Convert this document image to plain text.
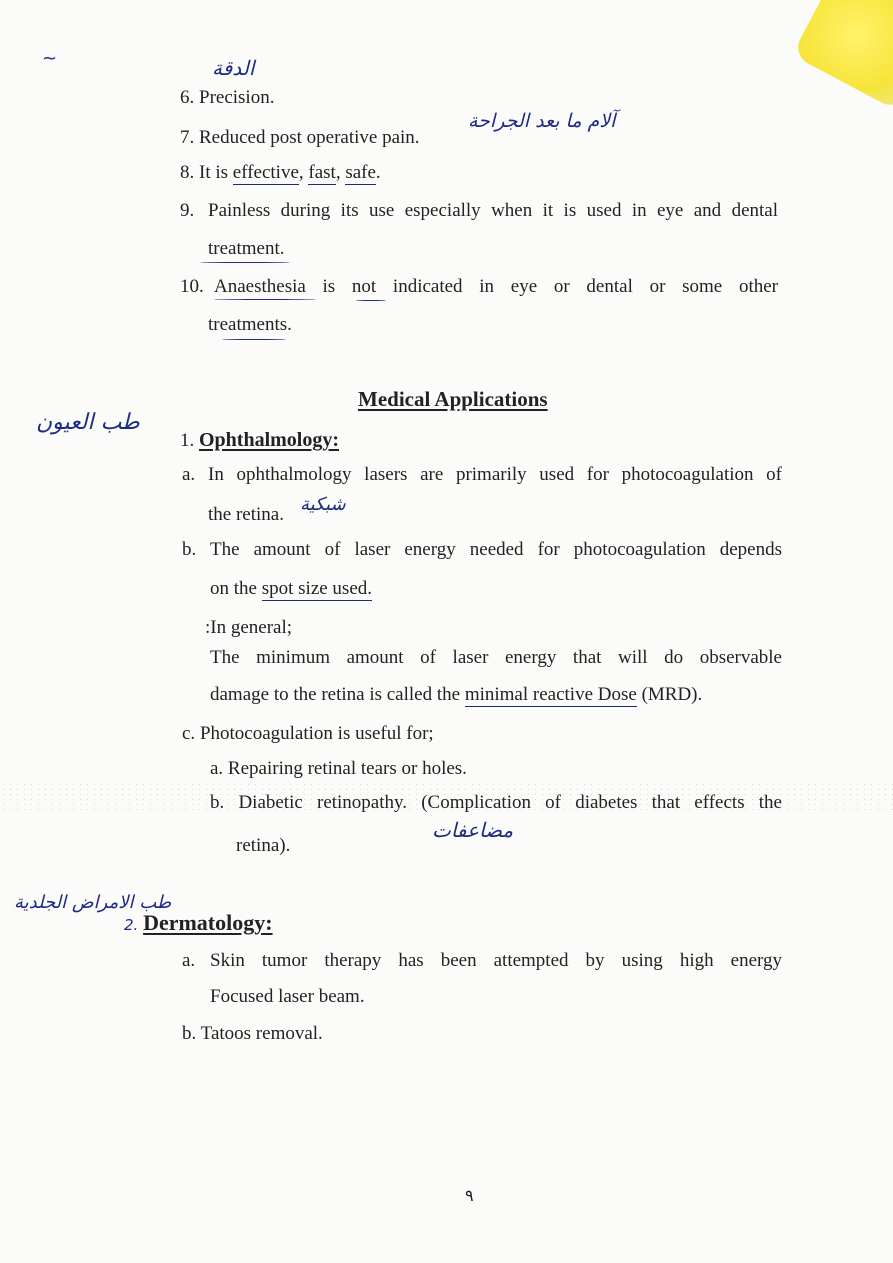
~	الدقة
6. Precision.
7. Reduced post operative pain.
آلام ما بعد الجراحة
8. It is effective, fast, safe.
9. Painless during its use especially when it is used in eye and dental
treatment.
10. Anaesthesia is not indicated in eye or dental or some other
treatments.
Medical Applications
طب العيون
1. Ophthalmology:
a. In ophthalmology lasers are primarily used for photocoagulation of
the retina. شبكية
b. The amount of laser energy needed for photocoagulation depends
on the spot size used.
:In general;
The minimum amount of laser energy that will do observable
damage to the retina is called the minimal reactive Dose (MRD).
c. Photocoagulation is useful for;
a. Repairing retinal tears or holes.
b. Diabetic retinopathy. (Complication of diabetes that effects the
retina).
مضاعفات
طب الامراض الجلدية
2. Dermatology:
a. Skin tumor therapy has been attempted by using high energy
Focused laser beam.
b. Tatoos removal.
٩
